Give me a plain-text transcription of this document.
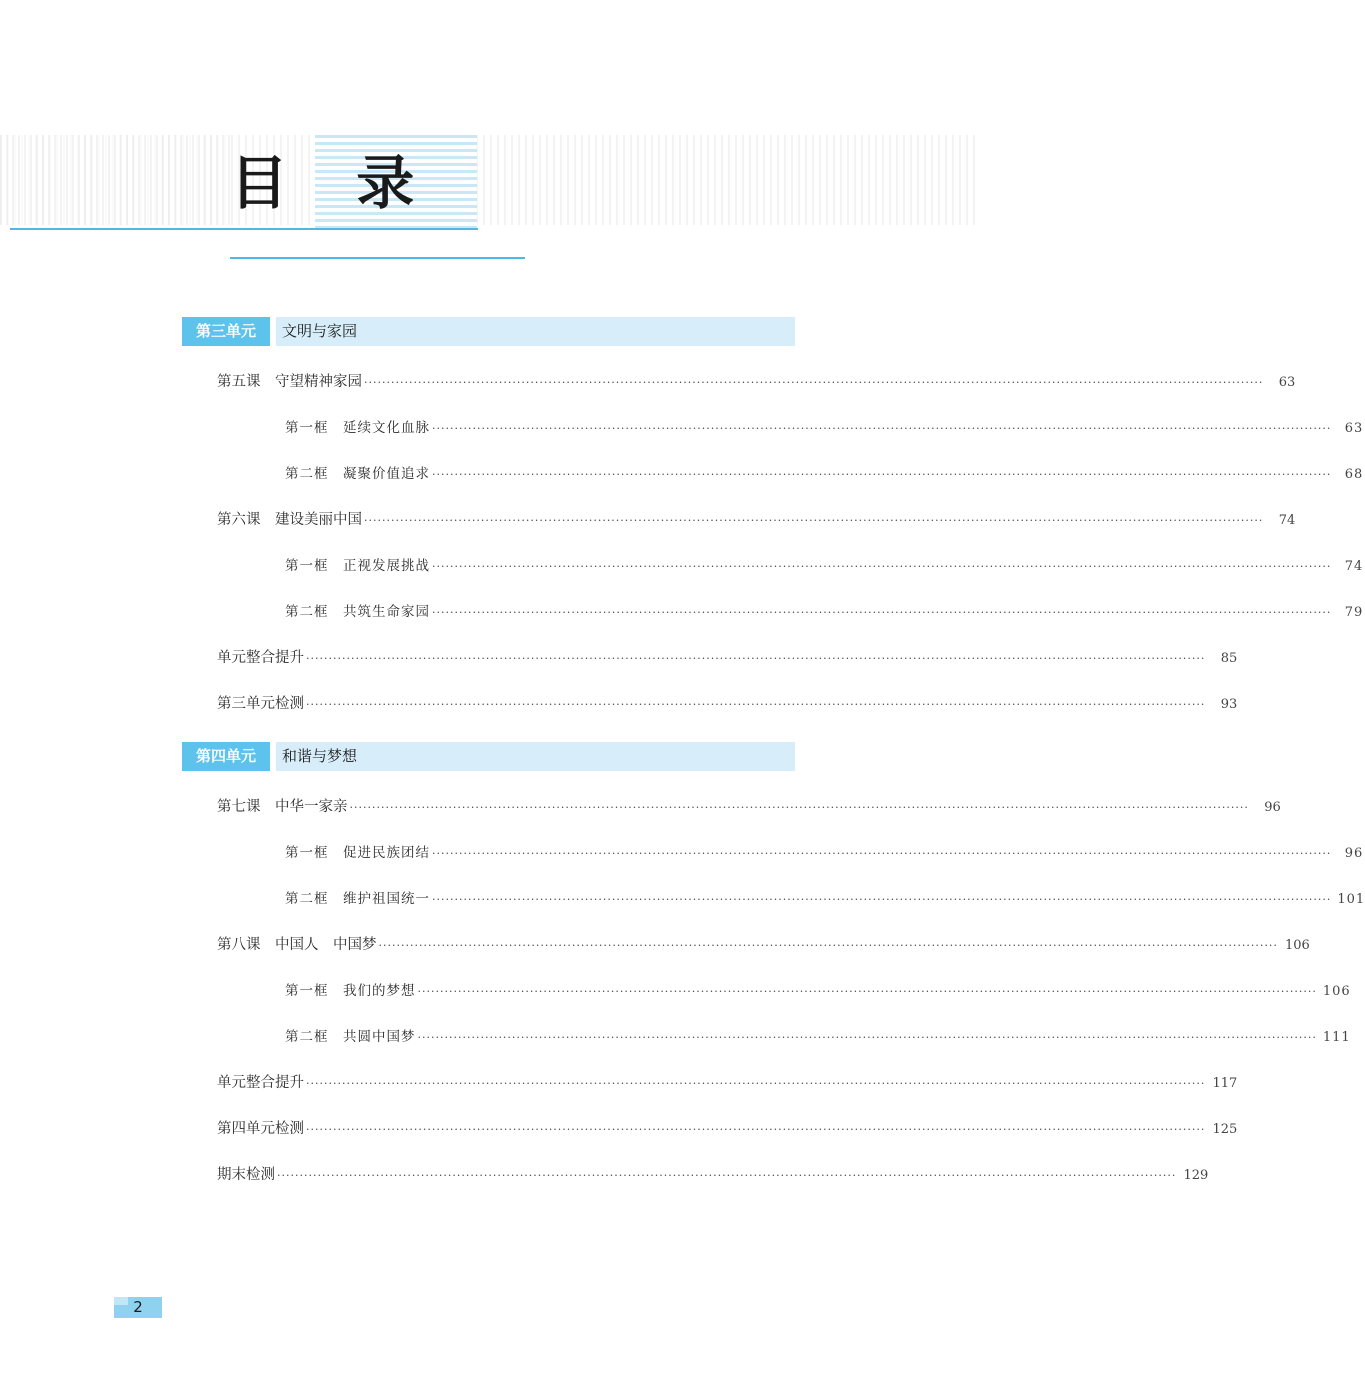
目 录
第三单元	文明与家园
第五课　守望精神家园 ········································································································································································································	63
第一框　延续文化血脉 ········································································································································································································	63
第二框　凝聚价值追求 ········································································································································································································	68
第六课　建设美丽中国 ········································································································································································································	74
第一框　正视发展挑战 ········································································································································································································	74
第二框　共筑生命家园 ········································································································································································································	79
单元整合提升 ········································································································································································································	85
第三单元检测 ········································································································································································································	93
第四单元	和谐与梦想
第七课　中华一家亲 ········································································································································································································	96
第一框　促进民族团结 ········································································································································································································	96
第二框　维护祖国统一 ········································································································································································································ 101
第八课　中国人　中国梦 ········································································································································································································ 106
第一框　我们的梦想 ········································································································································································································ 106
第二框　共圆中国梦 ········································································································································································································ 111
单元整合提升 ········································································································································································································ 117
第四单元检测 ········································································································································································································ 125
期末检测 ········································································································································································································ 129
2
